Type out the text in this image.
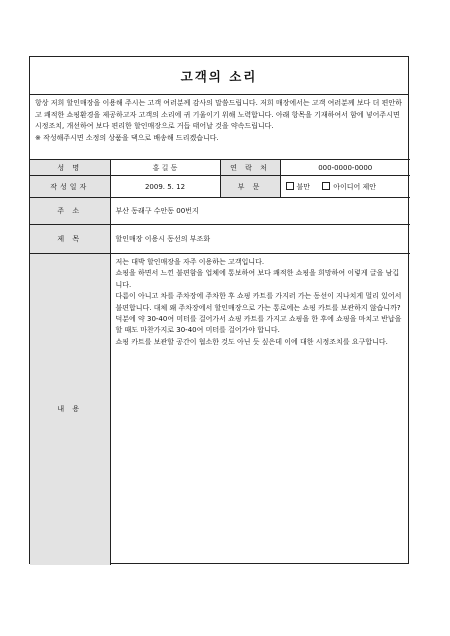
고객의 소리
항상 저희 할인매장을 이용해 주시는 고객 여러분께 감사의 말씀드립니다. 저희 매장에서는 고객 여러분께 보다 더 편안하고 쾌적한 쇼핑환경을 제공하고자 고객의 소리에 귀 기울이기 위해 노력합니다. 아래 항목을 기재하여서 함에 넣어주시면 시정조치, 개선하여 보다 편리한 할인매장으로 거듭 태어날 것을 약속드립니다.
※ 작성해주시면 소정의 상품을 댁으로 배송해 드리겠습니다.
성 명	홍 길 동	연 락 처	000-0000-0000
작성일자	2009. 5. 12	부 문	불만 아이디어 제안
주 소	부산 동래구 수안동 00번지		
제 목	할인매장 이용시 동선의 부조화		
내 용	저는 대박 할인매장을 자주 이용하는 고객입니다.

쇼핑을 하면서 느낀 불편함을 업체에 통보하여 보다 쾌적한 쇼핑을 희망하여 이렇게 글을 남깁니다.

다름이 아니고 차를 주차장에 주차한 후 쇼핑 카트를 가지러 가는 동선이 지나치게 멀리 있어서 불편합니다. 대체 왜 주차장에서 할인매장으로 가는 통로에는 쇼핑 카트를 보관하지 않습니까? 덕분에 약 30-40여 미터를 걸어가서 쇼핑 카트를 가지고 쇼핑을 한 후에 쇼핑을 마치고 반납을 할 때도 마찬가지로 30-40여 미터를 걸어가야 합니다.

쇼핑 카트를 보관할 공간이 협소한 것도 아닌 듯 싶은데 이에 대한 시정조치를 요구합니다.		
